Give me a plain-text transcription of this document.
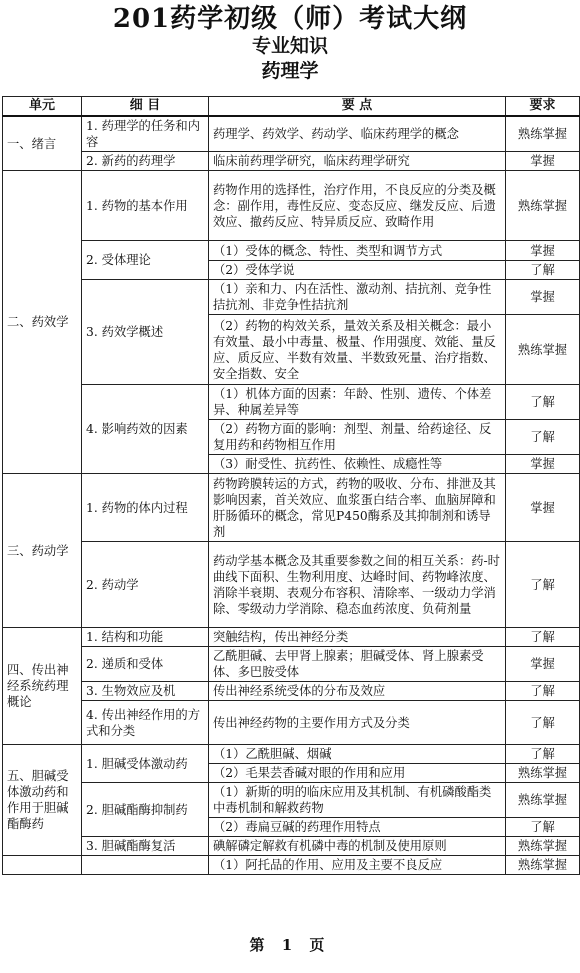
201药学初级（师）考试大纲
专业知识
药理学
单元	细 目	要 点	要求
一、绪言	1. 药理学的任务和内容	药理学、药效学、药动学、临床药理学的概念	熟练掌握
	2. 新药的药理学	临床前药理学研究，临床药理学研究	掌握
二、药效学	1. 药物的基本作用	药物作用的选择性，治疗作用，不良反应的分类及概念：副作用，毒性反应、变态反应、继发反应、后遗效应、撤药反应、特异质反应、致畸作用	熟练掌握
	2. 受体理论	（1）受体的概念、特性、类型和调节方式	掌握
		（2）受体学说	了解
	3. 药效学概述	（1）亲和力、内在活性、激动剂、拮抗剂、竞争性拮抗剂、非竞争性拮抗剂	掌握
		（2）药物的构效关系，量效关系及相关概念：最小有效量、最小中毒量、极量、作用强度、效能、量反应、质反应、半数有效量、半数致死量、治疗指数、安全指数、安全	熟练掌握
	4. 影响药效的因素	（1）机体方面的因素：年龄、性别、遗传、个体差异、种属差异等	了解
		（2）药物方面的影响：剂型、剂量、给药途径、反复用药和药物相互作用	了解
		（3）耐受性、抗药性、依赖性、成瘾性等	掌握
三、药动学	1. 药物的体内过程	药物跨膜转运的方式，药物的吸收、分布、排泄及其影响因素，首关效应、血浆蛋白结合率、血脑屏障和肝肠循环的概念，常见P450酶系及其抑制剂和诱导剂	掌握
	2. 药动学	药动学基本概念及其重要参数之间的相互关系：药-时曲线下面积、生物利用度、达峰时间、药物峰浓度、消除半衰期、表观分布容积、清除率、一级动力学消除、零级动力学消除、稳态血药浓度、负荷剂量	了解
四、传出神经系统药理概论	1. 结构和功能	突触结构，传出神经分类	了解
	2. 递质和受体	乙酰胆碱、去甲肾上腺素；胆碱受体、肾上腺素受体、多巴胺受体	掌握
	3. 生物效应及机	传出神经系统受体的分布及效应	了解
	4. 传出神经作用的方式和分类	传出神经药物的主要作用方式及分类	了解
五、胆碱受体激动药和作用于胆碱酯酶药	1. 胆碱受体激动药	（1）乙酰胆碱、烟碱	了解
		（2）毛果芸香碱对眼的作用和应用	熟练掌握
	2. 胆碱酯酶抑制药	（1）新斯的明的临床应用及其机制、有机磷酸酯类中毒机制和解救药物	熟练掌握
		（2）毒扁豆碱的药理作用特点	了解
	3. 胆碱酯酶复活	碘解磷定解救有机磷中毒的机制及使用原则	熟练掌握
		（1）阿托品的作用、应用及主要不良反应	熟练掌握
第 1 页
